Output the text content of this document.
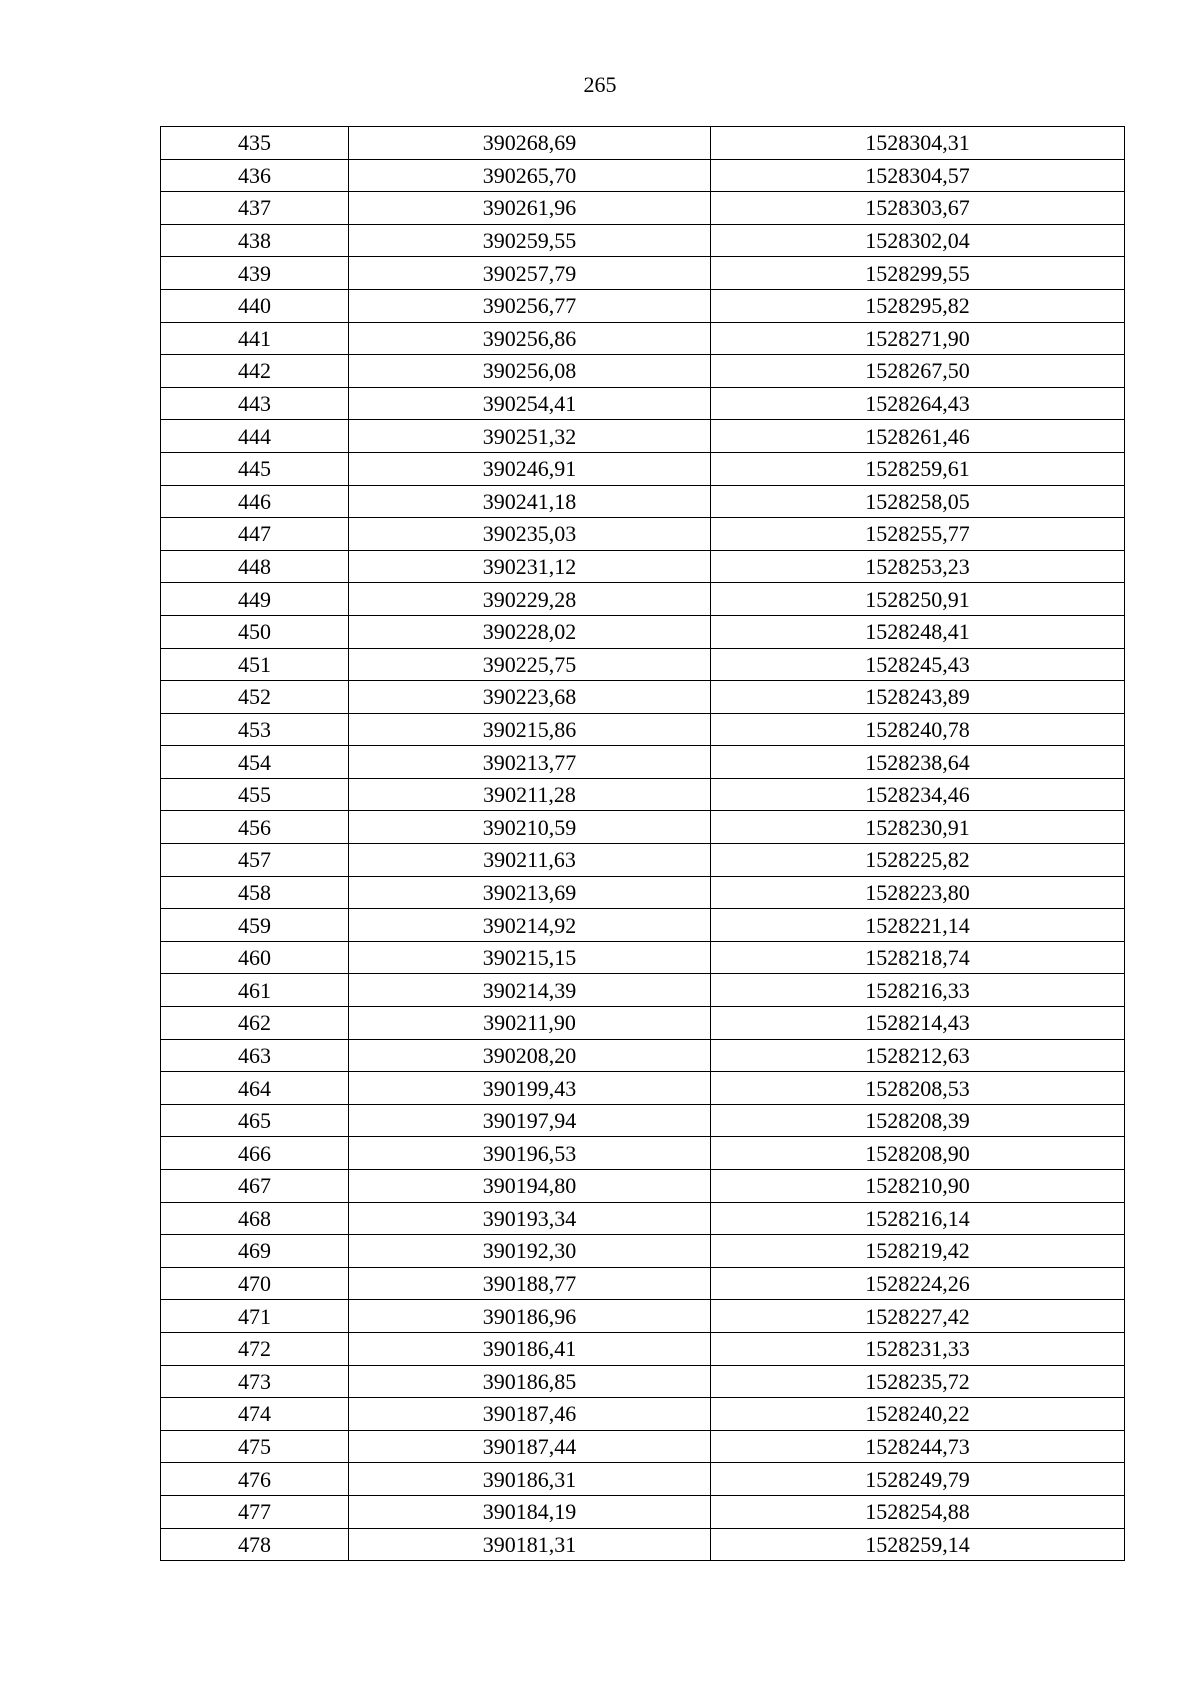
265
435	390268,69	1528304,31
436	390265,70	1528304,57
437	390261,96	1528303,67
438	390259,55	1528302,04
439	390257,79	1528299,55
440	390256,77	1528295,82
441	390256,86	1528271,90
442	390256,08	1528267,50
443	390254,41	1528264,43
444	390251,32	1528261,46
445	390246,91	1528259,61
446	390241,18	1528258,05
447	390235,03	1528255,77
448	390231,12	1528253,23
449	390229,28	1528250,91
450	390228,02	1528248,41
451	390225,75	1528245,43
452	390223,68	1528243,89
453	390215,86	1528240,78
454	390213,77	1528238,64
455	390211,28	1528234,46
456	390210,59	1528230,91
457	390211,63	1528225,82
458	390213,69	1528223,80
459	390214,92	1528221,14
460	390215,15	1528218,74
461	390214,39	1528216,33
462	390211,90	1528214,43
463	390208,20	1528212,63
464	390199,43	1528208,53
465	390197,94	1528208,39
466	390196,53	1528208,90
467	390194,80	1528210,90
468	390193,34	1528216,14
469	390192,30	1528219,42
470	390188,77	1528224,26
471	390186,96	1528227,42
472	390186,41	1528231,33
473	390186,85	1528235,72
474	390187,46	1528240,22
475	390187,44	1528244,73
476	390186,31	1528249,79
477	390184,19	1528254,88
478	390181,31	1528259,14
